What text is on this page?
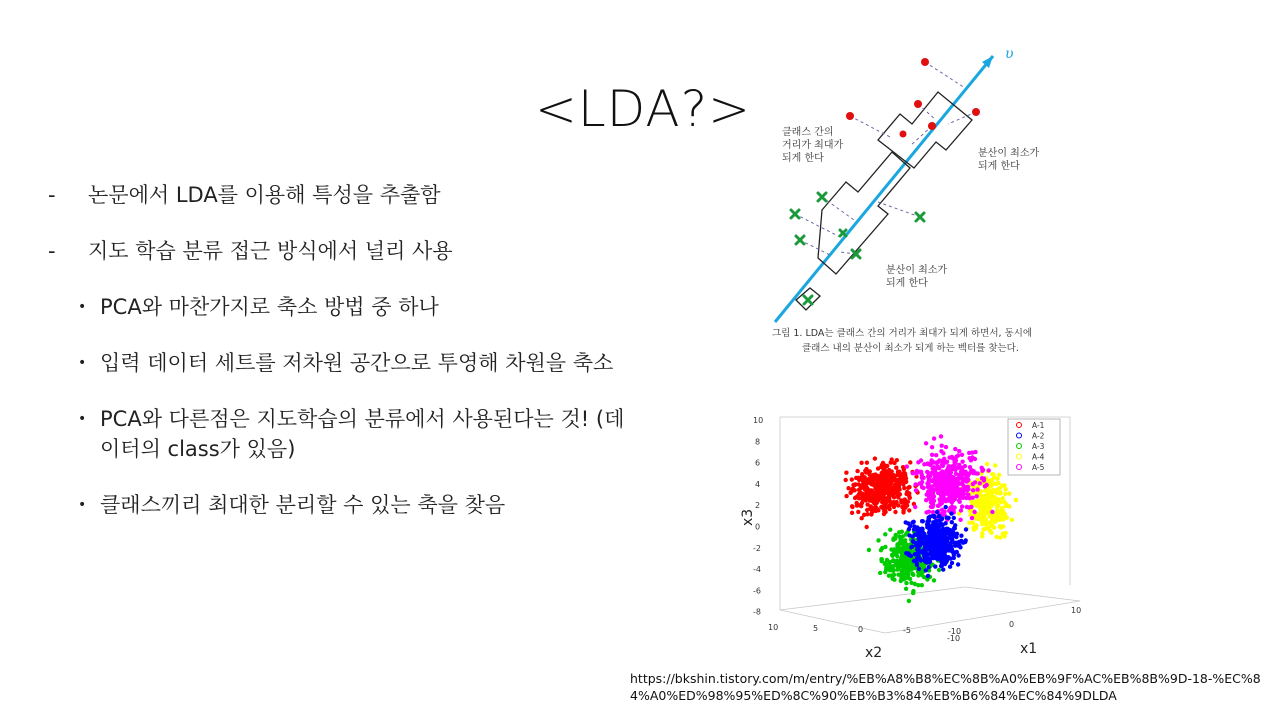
<LDA?>
-	논문에서 LDA를 이용해 특성을 추출함
-	지도 학습 분류 접근 방식에서 널리 사용
• PCA와 마찬가지로 축소 방법 중 하나
• 입력 데이터 세트를 저차원 공간으로 투영해 차원을 축소
• PCA와 다른점은 지도학습의 분류에서 사용된다는 것! (데이터의 class가 있음)
• 클래스끼리 최대한 분리할 수 있는 축을 찾음
υ
클래스 간의
거리가 최대가
되게 한다	분산이 최소가
되게 한다
분산이 최소가
되게 한다
그림 1. LDA는 클래스 간의 거리가 최대가 되게 하면서, 동시에
클래스 내의 분산이 최소가 되게 하는 벡터를 찾는다.
10
8
6
4
2
0
-2
-4
-6
-8
10	5	0	-5	-10
-10
0
10
A-1
A-2
A-3
A-4
A-5
x3
x2	x1
https://bkshin.tistory.com/m/entry/%EB%A8%B8%EC%8B%A0%EB%9F%AC%EB%8B%9D-18-%EC%84%A0%ED%98%95%ED%8C%90%EB%B3%84%EB%B6%84%EC%84%9DLDA
